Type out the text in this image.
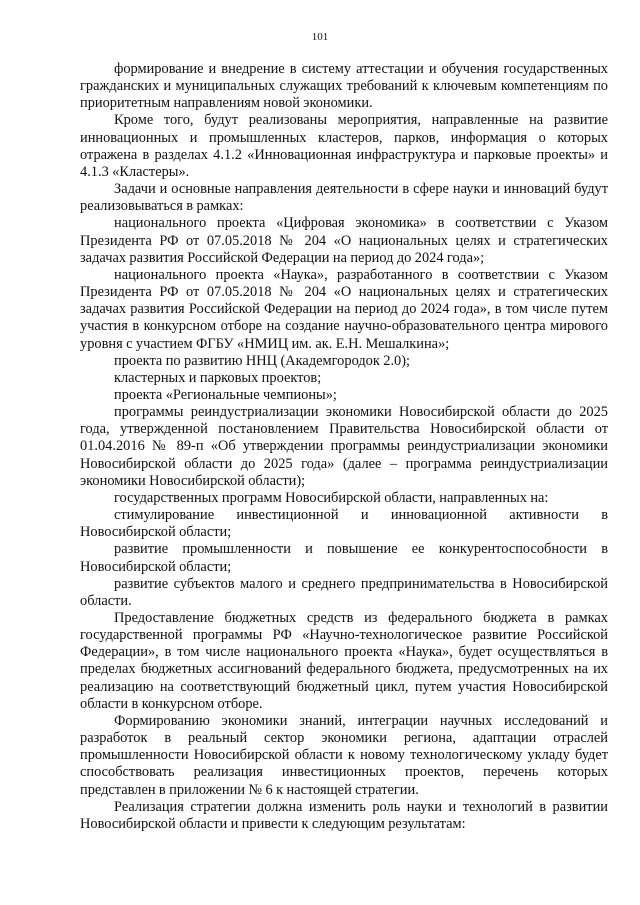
101

формирование и внедрение в систему аттестации и обучения государственных гражданских и муниципальных служащих требований к ключевым компетенциям по приоритетным направлениям новой экономики.

Кроме того, будут реализованы мероприятия, направленные на развитие инновационных и промышленных кластеров, парков, информация о которых отражена в разделах 4.1.2 «Инновационная инфраструктура и парковые проекты» и 4.1.3 «Кластеры».

Задачи и основные направления деятельности в сфере науки и инноваций будут реализовываться в рамках:

национального проекта «Цифровая экономика» в соответствии с Указом Президента РФ от 07.05.2018 № 204 «О национальных целях и стратегических задачах развития Российской Федерации на период до 2024 года»;

национального проекта «Наука», разработанного в соответствии с Указом Президента РФ от 07.05.2018 № 204 «О национальных целях и стратегических задачах развития Российской Федерации на период до 2024 года», в том числе путем участия в конкурсном отборе на создание научно-образовательного центра мирового уровня с участием ФГБУ «НМИЦ им. ак. Е.Н. Мешалкина»;

проекта по развитию ННЦ (Академгородок 2.0);

кластерных и парковых проектов;

проекта «Региональные чемпионы»;

программы реиндустриализации экономики Новосибирской области до 2025 года, утвержденной постановлением Правительства Новосибирской области от 01.04.2016 № 89-п «Об утверждении программы реиндустриализации экономики Новосибирской области до 2025 года» (далее – программа реиндустриализации экономики Новосибирской области);

государственных программ Новосибирской области, направленных на:

стимулирование инвестиционной и инновационной активности в Новосибирской области;

развитие промышленности и повышение ее конкурентоспособности в Новосибирской области;

развитие субъектов малого и среднего предпринимательства в Новосибирской области.

Предоставление бюджетных средств из федерального бюджета в рамках государственной программы РФ «Научно-технологическое развитие Российской Федерации», в том числе национального проекта «Наука», будет осуществляться в пределах бюджетных ассигнований федерального бюджета, предусмотренных на их реализацию на соответствующий бюджетный цикл, путем участия Новосибирской области в конкурсном отборе.

Формированию экономики знаний, интеграции научных исследований и разработок в реальный сектор экономики региона, адаптации отраслей промышленности Новосибирской области к новому технологическому укладу будет способствовать реализация инвестиционных проектов, перечень которых представлен в приложении № 6 к настоящей стратегии.

Реализация стратегии должна изменить роль науки и технологий в развитии Новосибирской области и привести к следующим результатам:
